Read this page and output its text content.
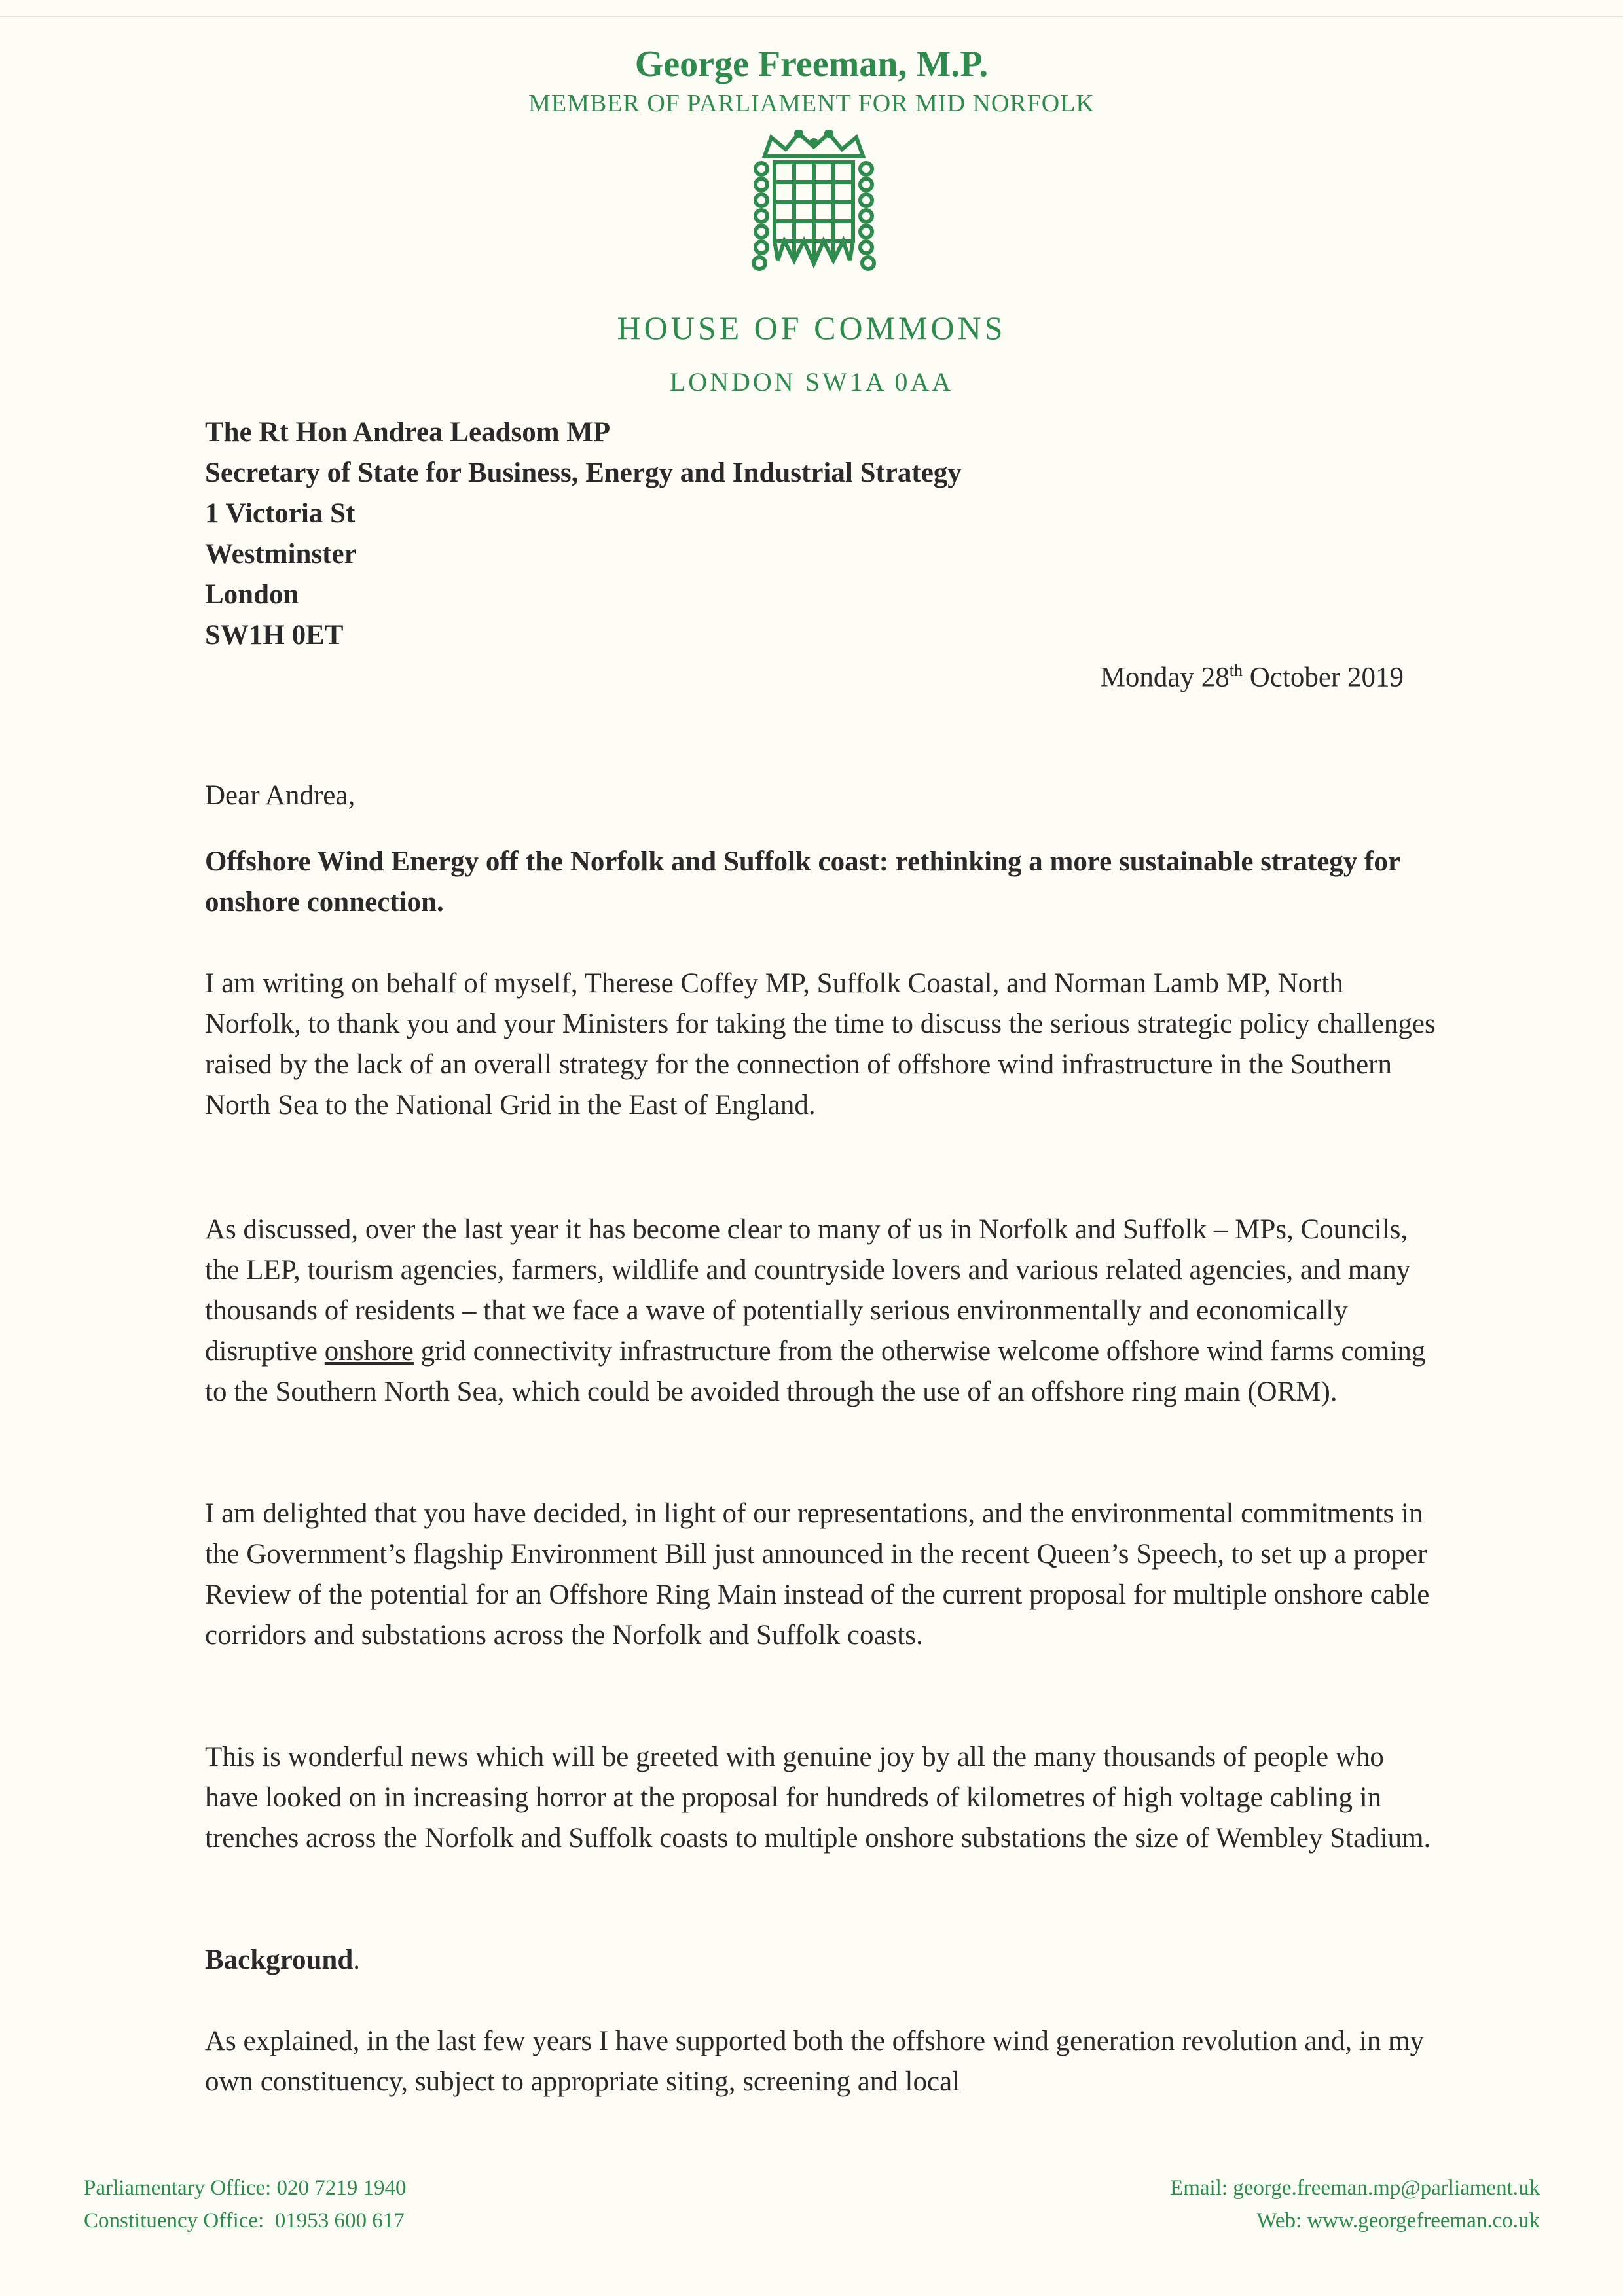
George Freeman, M.P.
MEMBER OF PARLIAMENT FOR MID NORFOLK
HOUSE OF COMMONS
LONDON SW1A 0AA
The Rt Hon Andrea Leadsom MP
Secretary of State for Business, Energy and Industrial Strategy
1 Victoria St
Westminster
London
SW1H 0ET
Monday 28th October 2019

Dear Andrea,

Offshore Wind Energy off the Norfolk and Suffolk coast: rethinking a more sustainable strategy for onshore connection.

I am writing on behalf of myself, Therese Coffey MP, Suffolk Coastal, and Norman Lamb MP, North Norfolk, to thank you and your Ministers for taking the time to discuss the serious strategic policy challenges raised by the lack of an overall strategy for the connection of offshore wind infrastructure in the Southern North Sea to the National Grid in the East of England.

As discussed, over the last year it has become clear to many of us in Norfolk and Suffolk – MPs, Councils, the LEP, tourism agencies, farmers, wildlife and countryside lovers and various related agencies, and many thousands of residents – that we face a wave of potentially serious environmentally and economically disruptive onshore grid connectivity infrastructure from the otherwise welcome offshore wind farms coming to the Southern North Sea, which could be avoided through the use of an offshore ring main (ORM).

I am delighted that you have decided, in light of our representations, and the environmental commitments in the Government’s flagship Environment Bill just announced in the recent Queen’s Speech, to set up a proper Review of the potential for an Offshore Ring Main instead of the current proposal for multiple onshore cable corridors and substations across the Norfolk and Suffolk coasts.

This is wonderful news which will be greeted with genuine joy by all the many thousands of people who have looked on in increasing horror at the proposal for hundreds of kilometres of high voltage cabling in trenches across the Norfolk and Suffolk coasts to multiple onshore substations the size of Wembley Stadium.

Background.

As explained, in the last few years I have supported both the offshore wind generation revolution and, in my own constituency, subject to appropriate siting, screening and local

Parliamentary Office: 020 7219 1940
Constituency Office:  01953 600 617
Email: george.freeman.mp@parliament.uk
Web: www.georgefreeman.co.uk
